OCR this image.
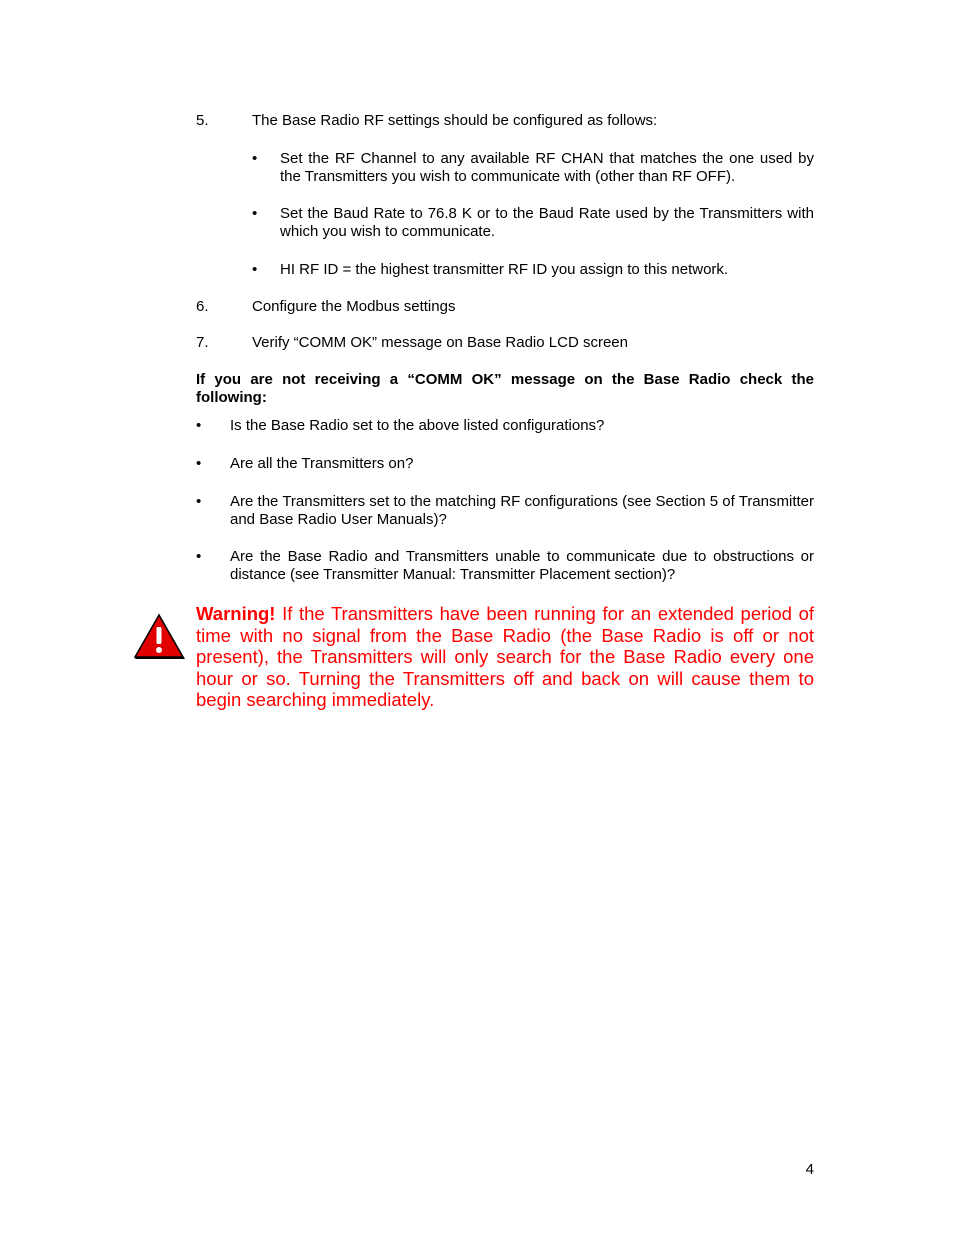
5.	The Base Radio RF settings should be configured as follows:
• Set the RF Channel to any available RF CHAN that matches the one used by the Transmitters you wish to communicate with (other than RF OFF).
• Set the Baud Rate to 76.8 K or to the Baud Rate used by the Transmitters with which you wish to communicate.
• HI RF ID = the highest transmitter RF ID you assign to this network.
6.	Configure the Modbus settings
7.	Verify “COMM OK” message on Base Radio LCD screen
If you are not receiving a “COMM OK” message on the Base Radio check the following:
• Is the Base Radio set to the above listed configurations?
• Are all the Transmitters on?
• Are the Transmitters set to the matching RF configurations (see Section 5 of Transmitter and Base Radio User Manuals)?
• Are the Base Radio and Transmitters unable to communicate due to obstructions or distance (see Transmitter Manual: Transmitter Placement section)?
Warning! If the Transmitters have been running for an extended period of time with no signal from the Base Radio (the Base Radio is off or not present), the Transmitters will only search for the Base Radio every one hour or so. Turning the Transmitters off and back on will cause them to begin searching immediately.
4
